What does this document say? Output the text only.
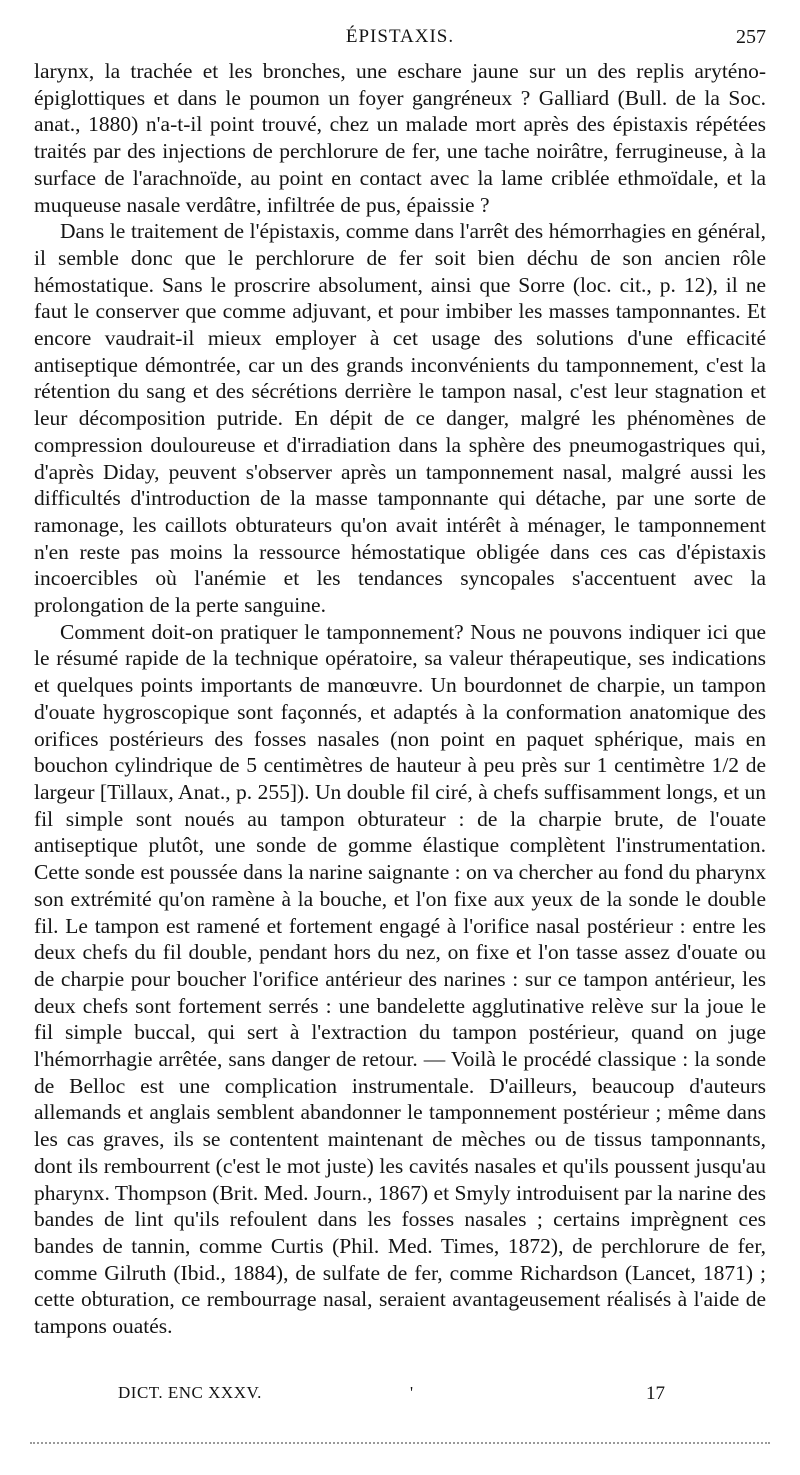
ÉPISTAXIS.	257

larynx, la trachée et les bronches, une eschare jaune sur un des replis aryténo-épiglottiques et dans le poumon un foyer gangréneux ? Galliard (Bull. de la Soc. anat., 1880) n'a-t-il point trouvé, chez un malade mort après des épistaxis répétées traités par des injections de perchlorure de fer, une tache noirâtre, ferrugineuse, à la surface de l'arachnoïde, au point en contact avec la lame criblée ethmoïdale, et la muqueuse nasale verdâtre, infiltrée de pus, épaissie ?

Dans le traitement de l'épistaxis, comme dans l'arrêt des hémorrhagies en général, il semble donc que le perchlorure de fer soit bien déchu de son ancien rôle hémostatique. Sans le proscrire absolument, ainsi que Sorre (loc. cit., p. 12), il ne faut le conserver que comme adjuvant, et pour imbiber les masses tamponnantes. Et encore vaudrait-il mieux employer à cet usage des solutions d'une efficacité antiseptique démontrée, car un des grands inconvénients du tamponnement, c'est la rétention du sang et des sécrétions derrière le tampon nasal, c'est leur stagnation et leur décomposition putride. En dépit de ce danger, malgré les phénomènes de compression douloureuse et d'irradiation dans la sphère des pneumogastriques qui, d'après Diday, peuvent s'observer après un tamponnement nasal, malgré aussi les difficultés d'introduction de la masse tamponnante qui détache, par une sorte de ramonage, les caillots obturateurs qu'on avait intérêt à ménager, le tamponnement n'en reste pas moins la ressource hémostatique obligée dans ces cas d'épistaxis incoercibles où l'anémie et les tendances syncopales s'accentuent avec la prolongation de la perte sanguine.

Comment doit-on pratiquer le tamponnement? Nous ne pouvons indiquer ici que le résumé rapide de la technique opératoire, sa valeur thérapeutique, ses indications et quelques points importants de manœuvre. Un bourdonnet de charpie, un tampon d'ouate hygroscopique sont façonnés, et adaptés à la conformation anatomique des orifices postérieurs des fosses nasales (non point en paquet sphérique, mais en bouchon cylindrique de 5 centimètres de hauteur à peu près sur 1 centimètre 1/2 de largeur [Tillaux, Anat., p. 255]). Un double fil ciré, à chefs suffisamment longs, et un fil simple sont noués au tampon obturateur : de la charpie brute, de l'ouate antiseptique plutôt, une sonde de gomme élastique complètent l'instrumentation. Cette sonde est poussée dans la narine saignante : on va chercher au fond du pharynx son extrémité qu'on ramène à la bouche, et l'on fixe aux yeux de la sonde le double fil. Le tampon est ramené et fortement engagé à l'orifice nasal postérieur : entre les deux chefs du fil double, pendant hors du nez, on fixe et l'on tasse assez d'ouate ou de charpie pour boucher l'orifice antérieur des narines : sur ce tampon antérieur, les deux chefs sont fortement serrés : une bandelette agglutinative relève sur la joue le fil simple buccal, qui sert à l'extraction du tampon postérieur, quand on juge l'hémorrhagie arrêtée, sans danger de retour. — Voilà le procédé classique : la sonde de Belloc est une complication instrumentale. D'ailleurs, beaucoup d'auteurs allemands et anglais semblent abandonner le tamponnement postérieur ; même dans les cas graves, ils se contentent maintenant de mèches ou de tissus tamponnants, dont ils rembourrent (c'est le mot juste) les cavités nasales et qu'ils poussent jusqu'au pharynx. Thompson (Brit. Med. Journ., 1867) et Smyly introduisent par la narine des bandes de lint qu'ils refoulent dans les fosses nasales ; certains imprègnent ces bandes de tannin, comme Curtis (Phil. Med. Times, 1872), de perchlorure de fer, comme Gilruth (Ibid., 1884), de sulfate de fer, comme Richardson (Lancet, 1871) ; cette obturation, ce rembourrage nasal, seraient avantageusement réalisés à l'aide de tampons ouatés.

DICT. ENC XXXV.	'	17
